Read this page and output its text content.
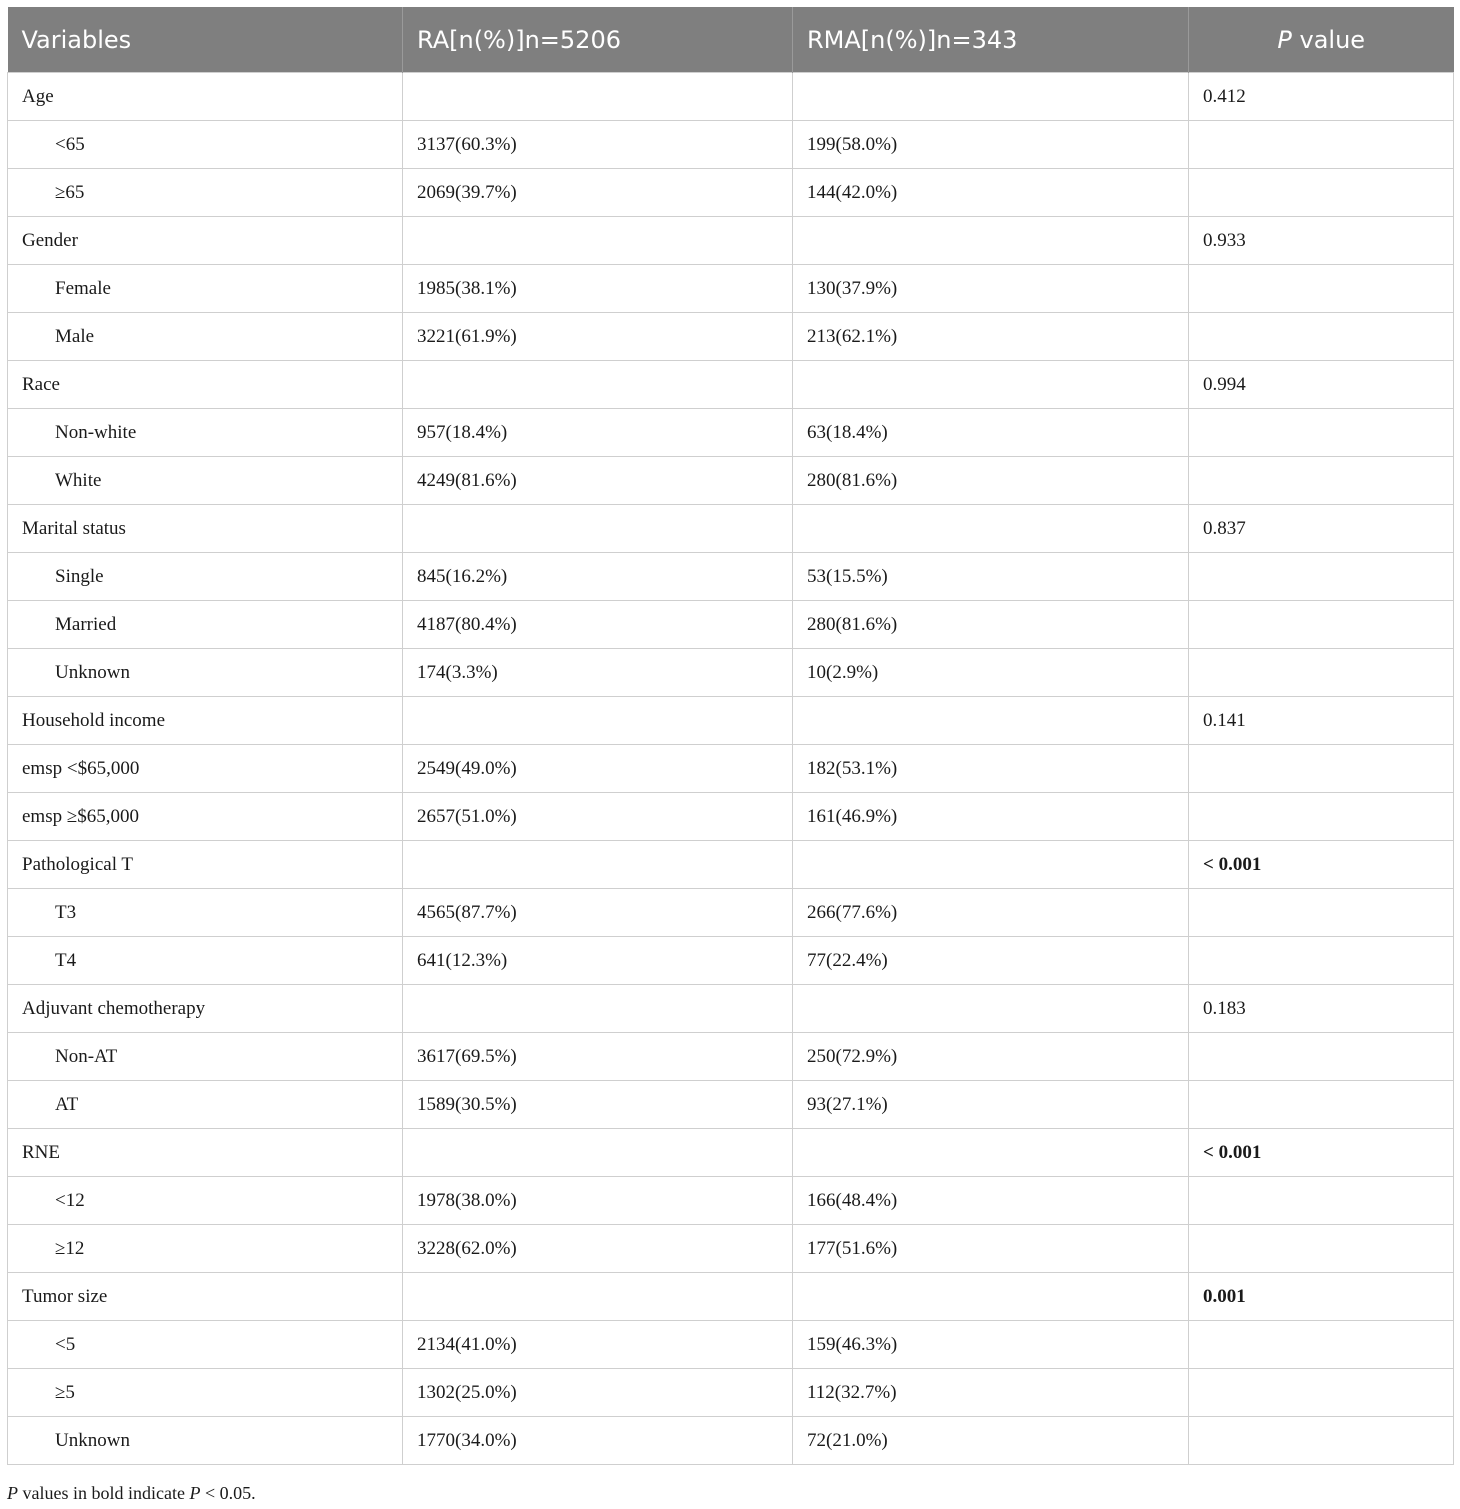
Variables	RA[n(%)]n=5206	RMA[n(%)]n=343	P value
Age			0.412
<65	3137(60.3%)	199(58.0%)	
≥65	2069(39.7%)	144(42.0%)	
Gender			0.933
Female	1985(38.1%)	130(37.9%)	
Male	3221(61.9%)	213(62.1%)	
Race			0.994
Non-white	957(18.4%)	63(18.4%)	
White	4249(81.6%)	280(81.6%)	
Marital status			0.837
Single	845(16.2%)	53(15.5%)	
Married	4187(80.4%)	280(81.6%)	
Unknown	174(3.3%)	10(2.9%)	
Household income			0.141
emsp <$65,000	2549(49.0%)	182(53.1%)	
emsp ≥$65,000	2657(51.0%)	161(46.9%)	
Pathological T			< 0.001
T3	4565(87.7%)	266(77.6%)	
T4	641(12.3%)	77(22.4%)	
Adjuvant chemotherapy			0.183
Non-AT	3617(69.5%)	250(72.9%)	
AT	1589(30.5%)	93(27.1%)	
RNE			< 0.001
<12	1978(38.0%)	166(48.4%)	
≥12	3228(62.0%)	177(51.6%)	
Tumor size			0.001
<5	2134(41.0%)	159(46.3%)	
≥5	1302(25.0%)	112(32.7%)	
Unknown	1770(34.0%)	72(21.0%)	
P values in bold indicate P < 0.05.
